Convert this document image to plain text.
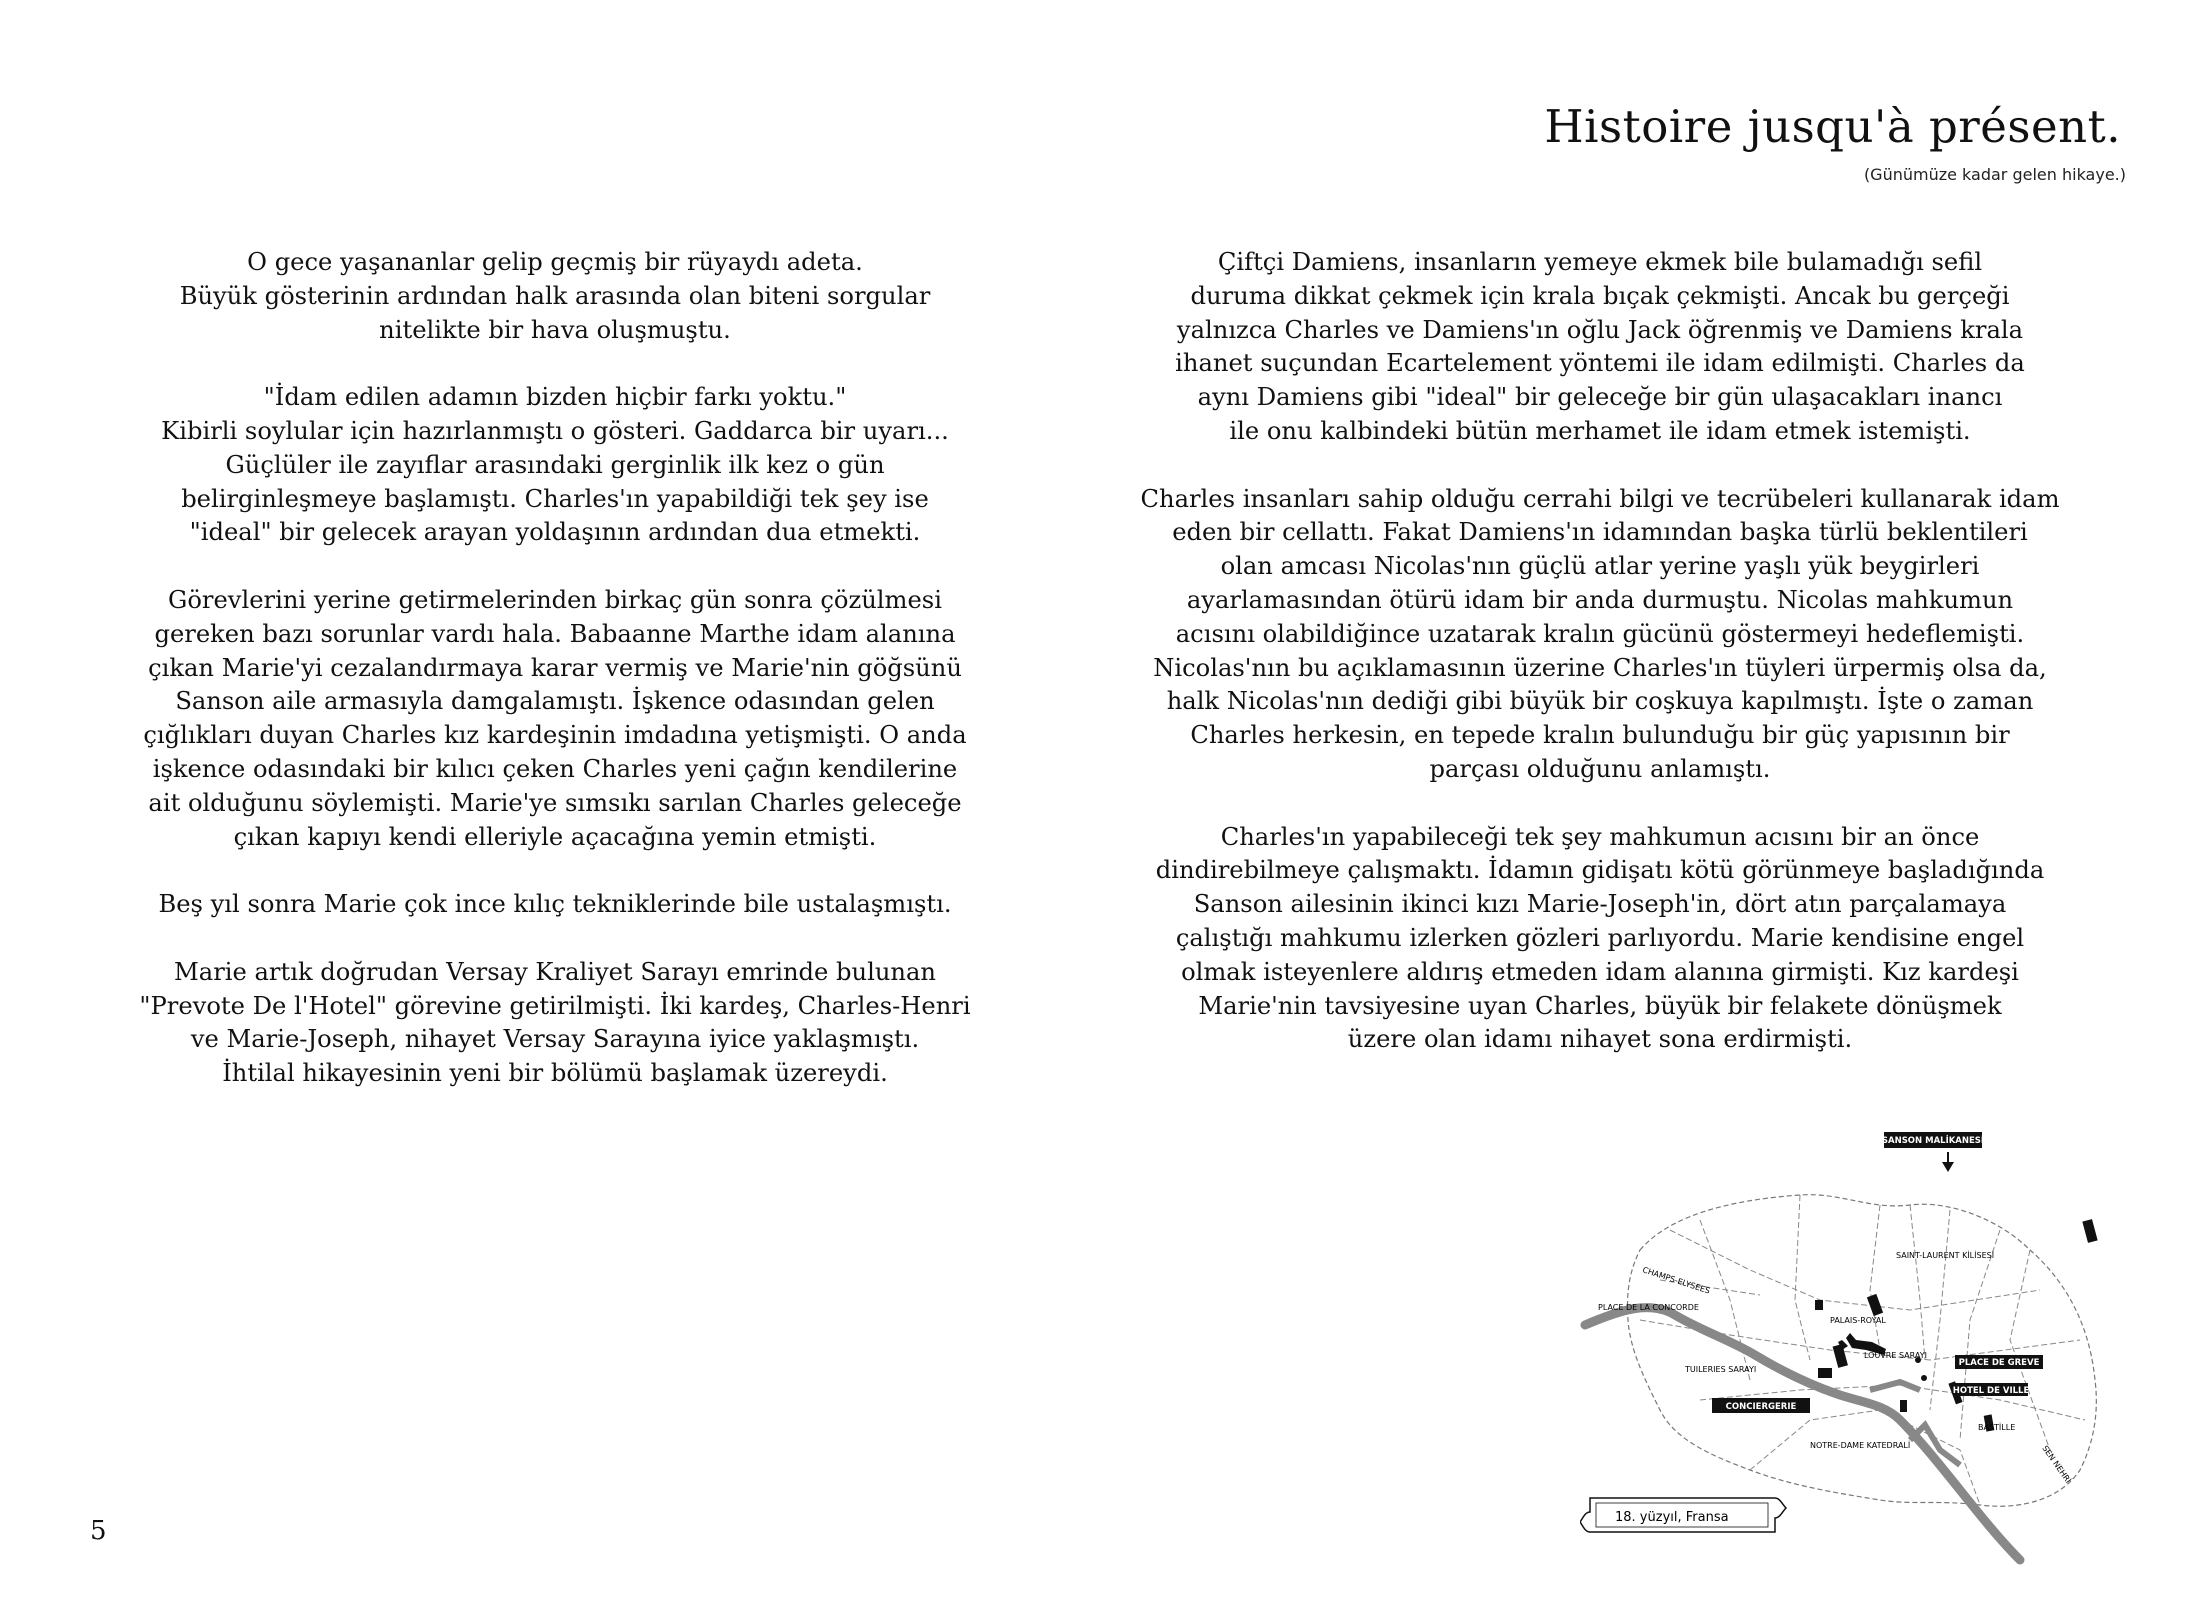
Histoire jusqu'à présent.
(Günümüze kadar gelen hikaye.)

O gece yaşananlar gelip geçmiş bir rüyaydı adeta.
Büyük gösterinin ardından halk arasında olan biteni sorgular
nitelikte bir hava oluşmuştu.

"İdam edilen adamın bizden hiçbir farkı yoktu."
Kibirli soylular için hazırlanmıştı o gösteri. Gaddarca bir uyarı...
Güçlüler ile zayıflar arasındaki gerginlik ilk kez o gün
belirginleşmeye başlamıştı. Charles'ın yapabildiği tek şey ise
"ideal" bir gelecek arayan yoldaşının ardından dua etmekti.

Görevlerini yerine getirmelerinden birkaç gün sonra çözülmesi
gereken bazı sorunlar vardı hala. Babaanne Marthe idam alanına
çıkan Marie'yi cezalandırmaya karar vermiş ve Marie'nin göğsünü
Sanson aile armasıyla damgalamıştı. İşkence odasından gelen
çığlıkları duyan Charles kız kardeşinin imdadına yetişmişti. O anda
işkence odasındaki bir kılıcı çeken Charles yeni çağın kendilerine
ait olduğunu söylemişti. Marie'ye sımsıkı sarılan Charles geleceğe
çıkan kapıyı kendi elleriyle açacağına yemin etmişti.

Beş yıl sonra Marie çok ince kılıç tekniklerinde bile ustalaşmıştı.

Marie artık doğrudan Versay Kraliyet Sarayı emrinde bulunan
"Prevote De l'Hotel" görevine getirilmişti. İki kardeş, Charles-Henri
ve Marie-Joseph, nihayet Versay Sarayına iyice yaklaşmıştı.
İhtilal hikayesinin yeni bir bölümü başlamak üzereydi.

Çiftçi Damiens, insanların yemeye ekmek bile bulamadığı sefil
duruma dikkat çekmek için krala bıçak çekmişti. Ancak bu gerçeği
yalnızca Charles ve Damiens'ın oğlu Jack öğrenmiş ve Damiens krala
ihanet suçundan Ecartelement yöntemi ile idam edilmişti. Charles da
aynı Damiens gibi "ideal" bir geleceğe bir gün ulaşacakları inancı
ile onu kalbindeki bütün merhamet ile idam etmek istemişti.

Charles insanları sahip olduğu cerrahi bilgi ve tecrübeleri kullanarak idam
eden bir cellattı. Fakat Damiens'ın idamından başka türlü beklentileri
olan amcası Nicolas'nın güçlü atlar yerine yaşlı yük beygirleri
ayarlamasından ötürü idam bir anda durmuştu. Nicolas mahkumun
acısını olabildiğince uzatarak kralın gücünü göstermeyi hedeflemişti.
Nicolas'nın bu açıklamasının üzerine Charles'ın tüyleri ürpermiş olsa da,
halk Nicolas'nın dediği gibi büyük bir coşkuya kapılmıştı. İşte o zaman
Charles herkesin, en tepede kralın bulunduğu bir güç yapısının bir
parçası olduğunu anlamıştı.

Charles'ın yapabileceği tek şey mahkumun acısını bir an önce
dindirebilmeye çalışmaktı. İdamın gidişatı kötü görünmeye başladığında
Sanson ailesinin ikinci kızı Marie-Joseph'in, dört atın parçalamaya
çalıştığı mahkumu izlerken gözleri parlıyordu. Marie kendisine engel
olmak isteyenlere aldırış etmeden idam alanına girmişti. Kız kardeşi
Marie'nin tavsiyesine uyan Charles, büyük bir felakete dönüşmek
üzere olan idamı nihayet sona erdirmişti.

SANSON MALİKANESİ
PLACE DE GREVE
HOTEL DE VILLE
CONCIERGERIE
SAINT-LAURENT KİLİSESİ
CHAMPS-ELYSEES
PLACE DE LA CONCORDE
PALAIS-ROYAL
LOUVRE SARAYI
TUILERIES SARAYI
BASTİLLE
NOTRE-DAME KATEDRALİ	SEN NEHRİ
18. yüzyıl, Fransa
5
